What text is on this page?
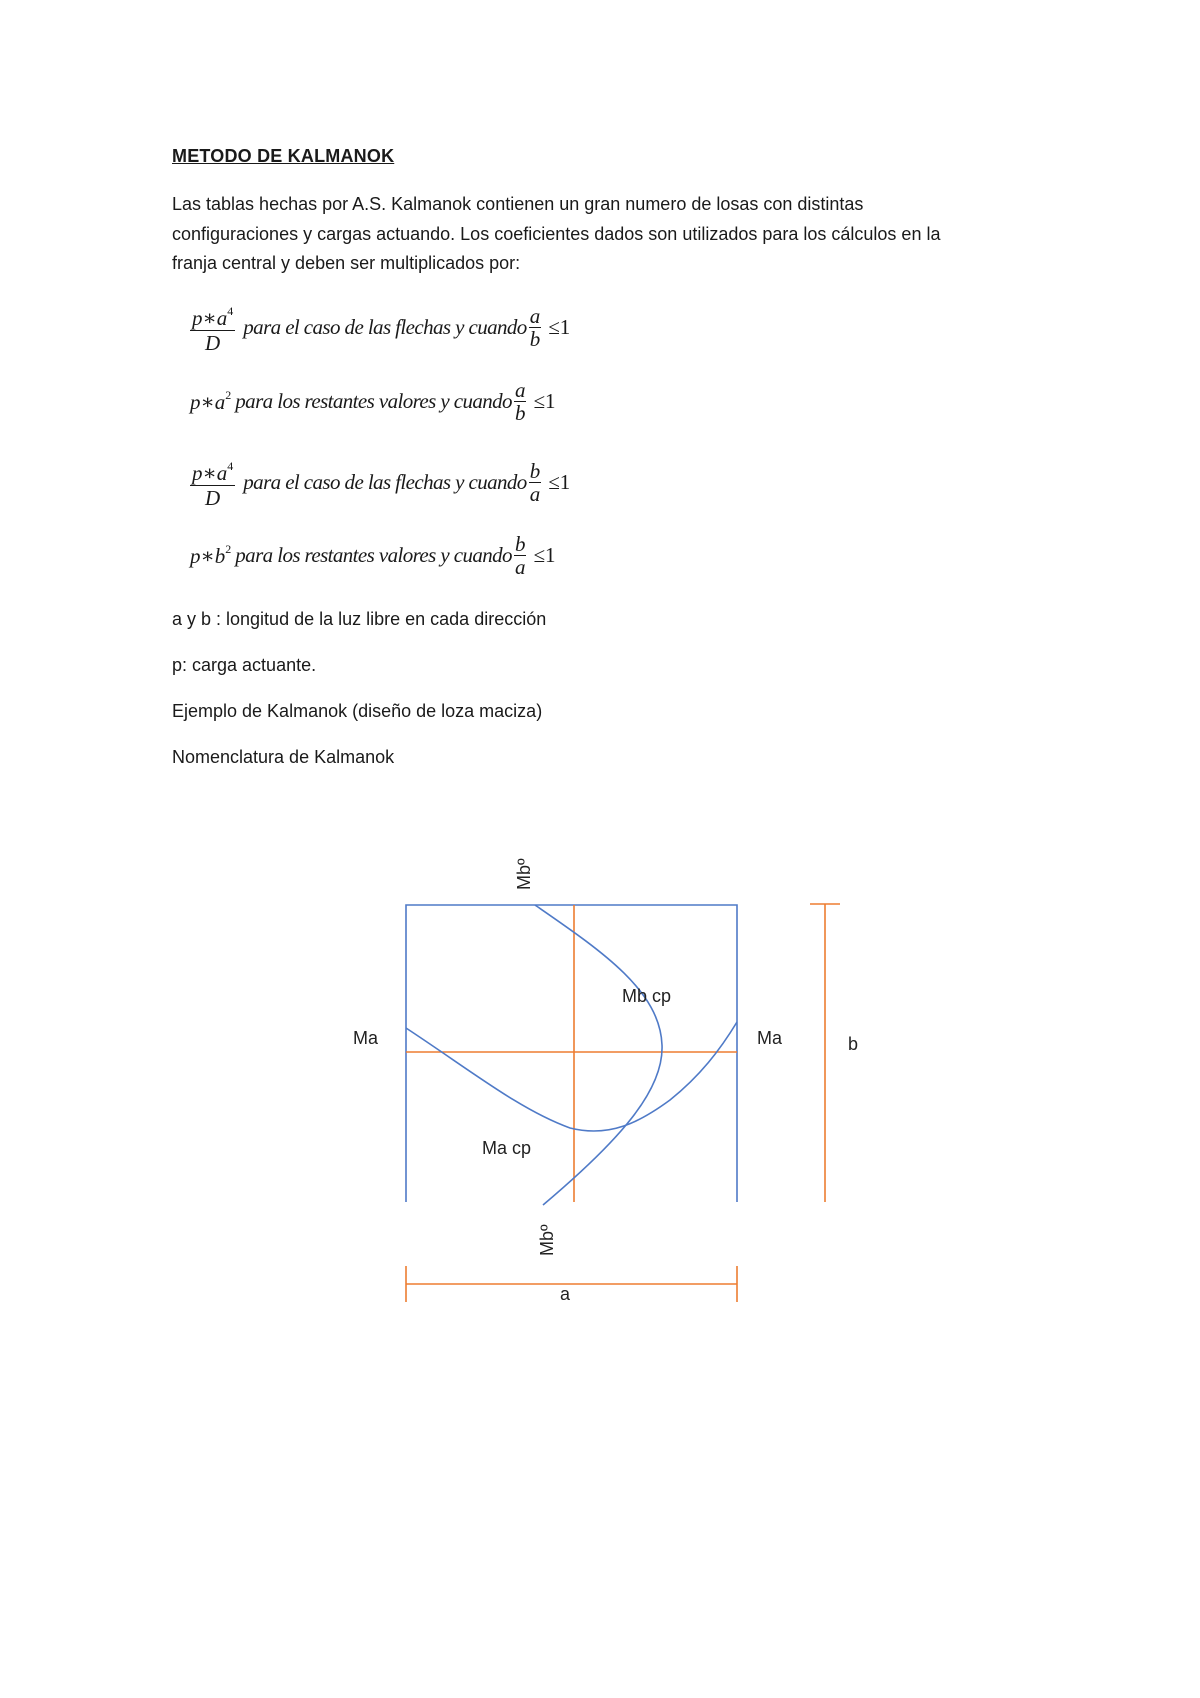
METODO DE KALMANOK
Las tablas hechas por A.S. Kalmanok contienen un gran numero de losas con distintas
configuraciones y cargas actuando. Los coeficientes dados son utilizados para los cálculos en la
franja central y deben ser multiplicados por:
$\frac{p∗a^4}{D}$ para el caso de las flechas y cuando $\frac{a}{b} \le 1$
$p∗a^2$ para los restantes valores y cuando $\frac{a}{b} \le 1$
$\frac{p∗a^4}{D}$ para el caso de las flechas y cuando $\frac{b}{a} \le 1$
$p∗b^2$ para los restantes valores y cuando $\frac{b}{a} \le 1$
a y b : longitud de la luz libre en cada dirección
p: carga actuante.
Ejemplo de Kalmanok (diseño de loza maciza)
Nomenclatura de Kalmanok
Mbº
Mbº
Ma	Ma
Mb cp
Ma cp
b
a
